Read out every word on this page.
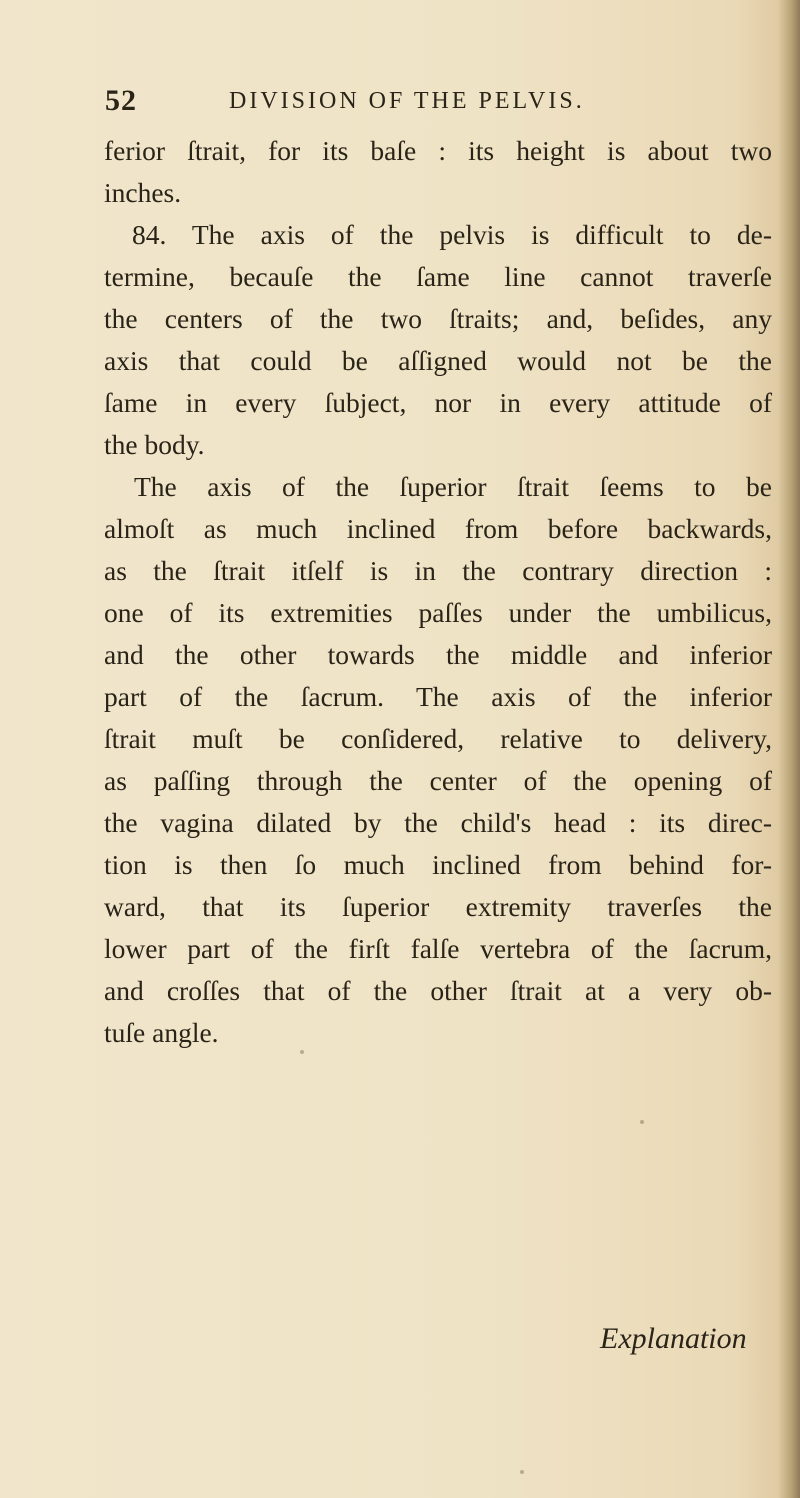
52	DIVISION OF THE PELVIS.
ferior ſtrait, for its baſe : its height is about two
inches.
84. The axis of the pelvis is difficult to de-
termine, becauſe the ſame line cannot traverſe
the centers of the two ſtraits; and, beſides, any
axis that could be aſſigned would not be the
ſame in every ſubject, nor in every attitude of
the body.
The axis of the ſuperior ſtrait ſeems to be
almoſt as much inclined from before backwards,
as the ſtrait itſelf is in the contrary direction :
one of its extremities paſſes under the umbilicus,
and the other towards the middle and inferior
part of the ſacrum. The axis of the inferior
ſtrait muſt be conſidered, relative to delivery,
as paſſing through the center of the opening of
the vagina dilated by the child's head : its direc-
tion is then ſo much inclined from behind for-
ward, that its ſuperior extremity traverſes the
lower part of the firſt falſe vertebra of the ſacrum,
and croſſes that of the other ſtrait at a very ob-
tuſe angle.
Explanation
